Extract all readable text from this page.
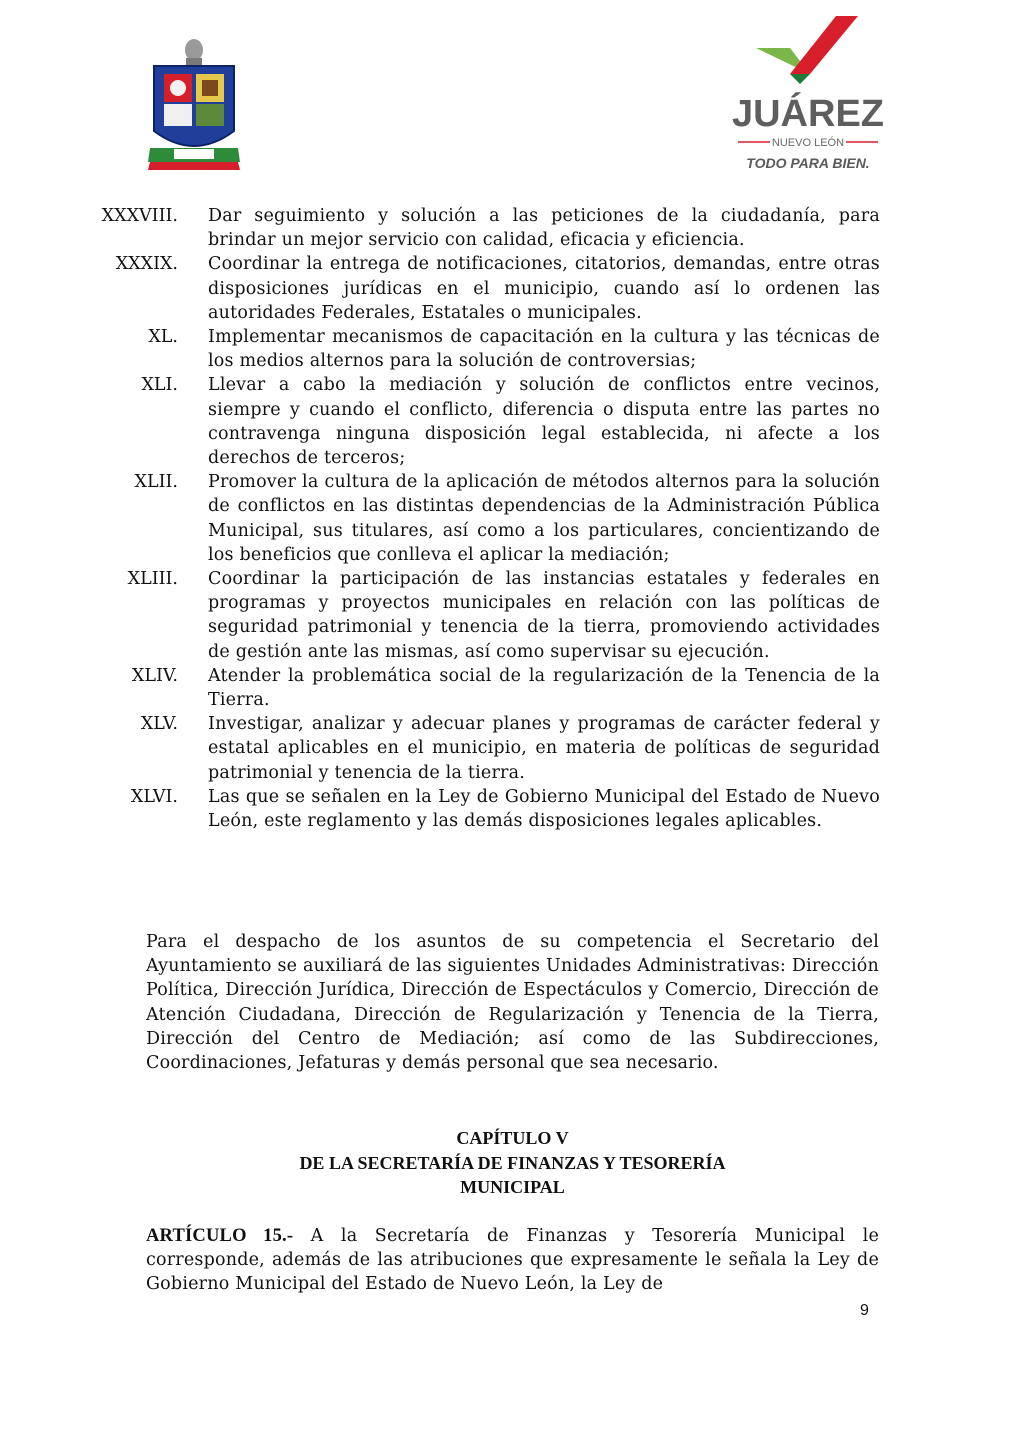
JUÁREZ
NUEVO LEÓN
TODO PARA BIEN.
XXXVIII.	Dar seguimiento y solución a las peticiones de la ciudadanía, para brindar un mejor servicio con calidad, eficacia y eficiencia.
XXXIX.	Coordinar la entrega de notificaciones, citatorios, demandas, entre otras disposiciones jurídicas en el municipio, cuando así lo ordenen las autoridades Federales, Estatales o municipales.
XL.	Implementar mecanismos de capacitación en la cultura y las técnicas de los medios alternos para la solución de controversias;
XLI.	Llevar a cabo la mediación y solución de conflictos entre vecinos, siempre y cuando el conflicto, diferencia o disputa entre las partes no contravenga ninguna disposición legal establecida, ni afecte a los derechos de terceros;
XLII.	Promover la cultura de la aplicación de métodos alternos para la solución de conflictos en las distintas dependencias de la Administración Pública Municipal, sus titulares, así como a los particulares, concientizando de los beneficios que conlleva el aplicar la mediación;
XLIII.	Coordinar la participación de las instancias estatales y federales en programas y proyectos municipales en relación con las políticas de seguridad patrimonial y tenencia de la tierra, promoviendo actividades de gestión ante las mismas, así como supervisar su ejecución.
XLIV.	Atender la problemática social de la regularización de la Tenencia de la Tierra.
XLV.	Investigar, analizar y adecuar planes y programas de carácter federal y estatal aplicables en el municipio, en materia de políticas de seguridad patrimonial y tenencia de la tierra.
XLVI.	Las que se señalen en la Ley de Gobierno Municipal del Estado de Nuevo León, este reglamento y las demás disposiciones legales aplicables.

Para el despacho de los asuntos de su competencia el Secretario del Ayuntamiento se auxiliará de las siguientes Unidades Administrativas: Dirección Política, Dirección Jurídica, Dirección de Espectáculos y Comercio, Dirección de Atención Ciudadana, Dirección de Regularización y Tenencia de la Tierra, Dirección del Centro de Mediación; así como de las Subdirecciones, Coordinaciones, Jefaturas y demás personal que sea necesario.

CAPÍTULO V
DE LA SECRETARÍA DE FINANZAS Y TESORERÍA
MUNICIPAL

ARTÍCULO 15.- A la Secretaría de Finanzas y Tesorería Municipal le corresponde, además de las atribuciones que expresamente le señala la Ley de Gobierno Municipal del Estado de Nuevo León, la Ley de

9
